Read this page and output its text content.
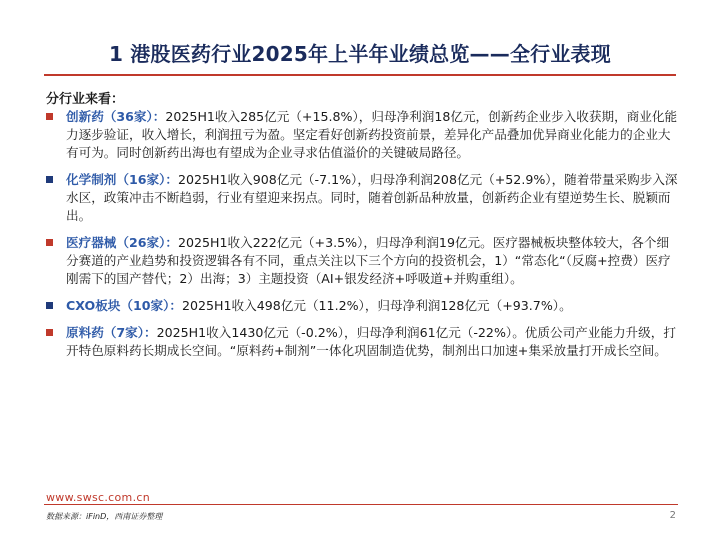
1 港股医药行业2025年上半年业绩总览——全行业表现
分行业来看：
创新药（36家）：2025H1收入285亿元（+15.8%），归母净利润18亿元，创新药企业步入收获期，商业化能力逐步验证，收入增长，利润扭亏为盈。坚定看好创新药投资前景，差异化产品叠加优异商业化能力的企业大有可为。同时创新药出海也有望成为企业寻求估值溢价的关键破局路径。
化学制剂（16家）：2025H1收入908亿元（-7.1%），归母净利润208亿元（+52.9%），随着带量采购步入深水区，政策冲击不断趋弱，行业有望迎来拐点。同时，随着创新品种放量，创新药企业有望逆势生长、脱颖而出。
医疗器械（26家）：2025H1收入222亿元（+3.5%），归母净利润19亿元。医疗器械板块整体较大，各个细分赛道的产业趋势和投资逻辑各有不同，重点关注以下三个方向的投资机会，1）“常态化“（反腐+控费）医疗刚需下的国产替代；2）出海；3）主题投资（AI+银发经济+呼吸道+并购重组）。
CXO板块（10家）：2025H1收入498亿元（11.2%），归母净利润128亿元（+93.7%）。
原料药（7家）：2025H1收入1430亿元（-0.2%），归母净利润61亿元（-22%）。优质公司产业能力升级，打开特色原料药长期成长空间。“原料药+制剂”一体化巩固制造优势，制剂出口加速+集采放量打开成长空间。
www.swsc.com.cn
数据来源：iFinD，西南证券整理	2
